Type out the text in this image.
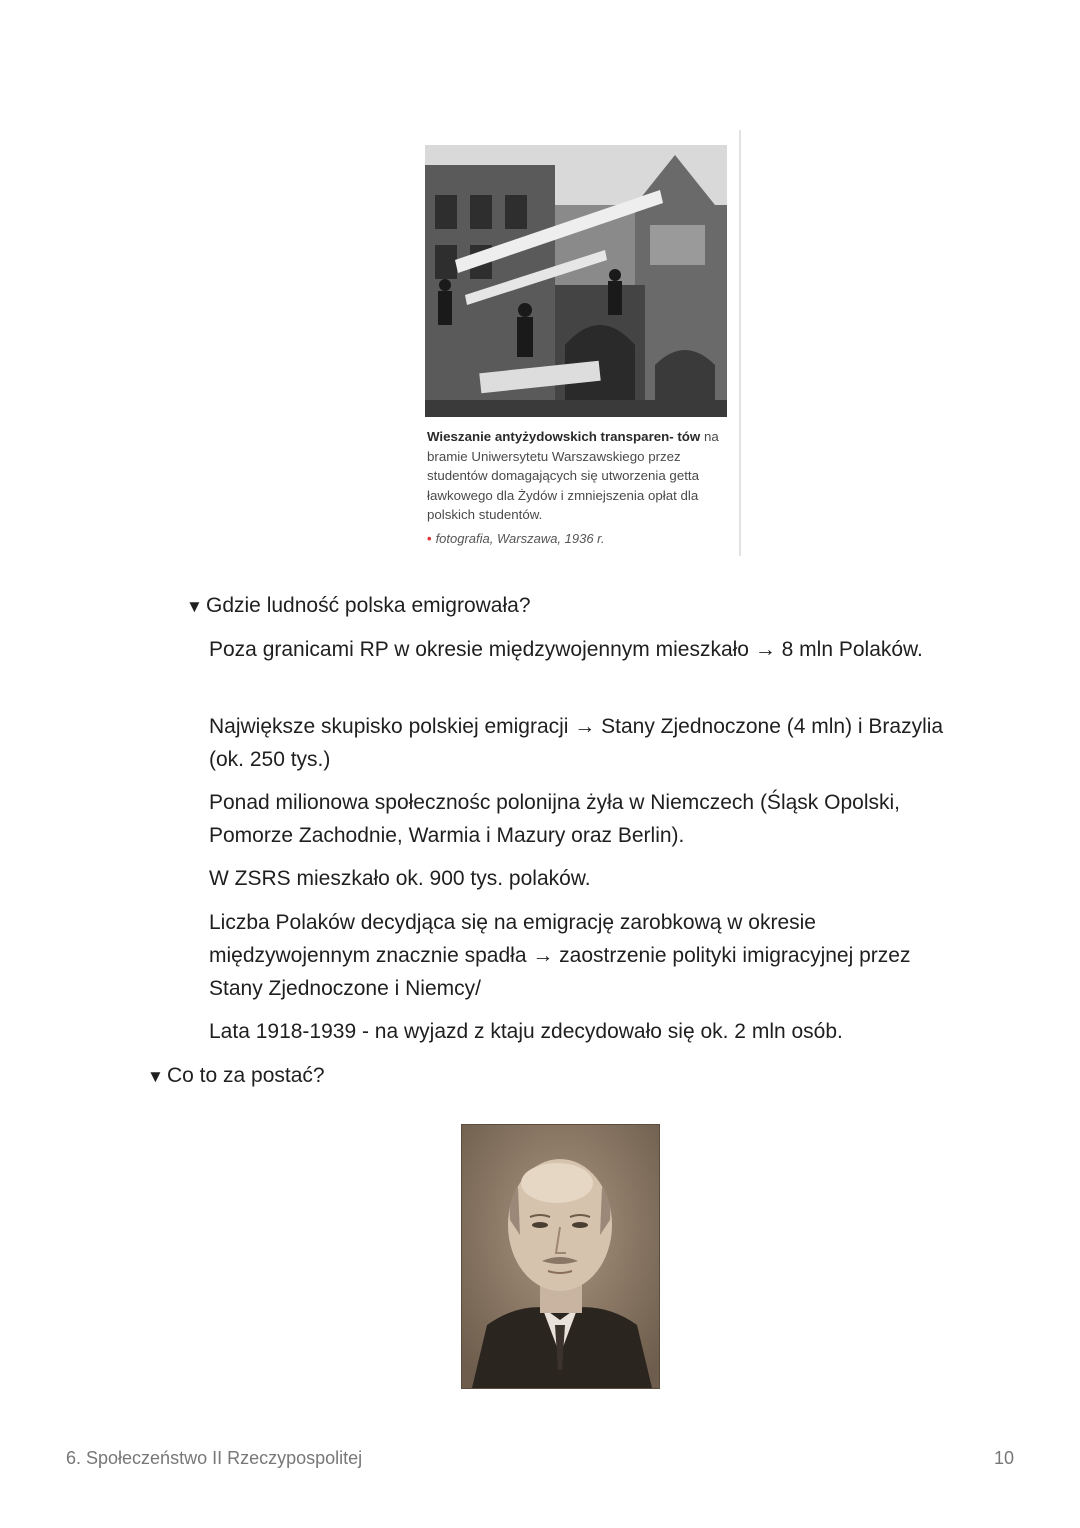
Wieszanie antyżydowskich transparen- tów na bramie Uniwersytetu Warszawskiego przez studentów domagających się utworzenia getta ławkowego dla Żydów i zmniejszenia opłat dla polskich studentów.
• fotografia, Warszawa, 1936 r.
▼ Gdzie ludność polska emigrowała?
Poza granicami RP w okresie międzywojennym mieszkało → 8 mln Polaków.
Największe skupisko polskiej emigracji → Stany Zjednoczone (4 mln) i Brazylia (ok. 250 tys.)
Ponad milionowa społecznośc polonijna żyła w Niemczech (Śląsk Opolski, Pomorze Zachodnie, Warmia i Mazury oraz Berlin).
W ZSRS mieszkało ok. 900 tys. polaków.
Liczba Polaków decydjąca się na emigrację zarobkową w okresie międzywojennym znacznie spadła → zaostrzenie polityki imigracyjnej przez Stany Zjednoczone i Niemcy/
Lata 1918-1939 - na wyjazd z ktaju zdecydowało się ok. 2 mln osób.
▼ Co to za postać?
6. Społeczeństwo II Rzeczypospolitej	10
